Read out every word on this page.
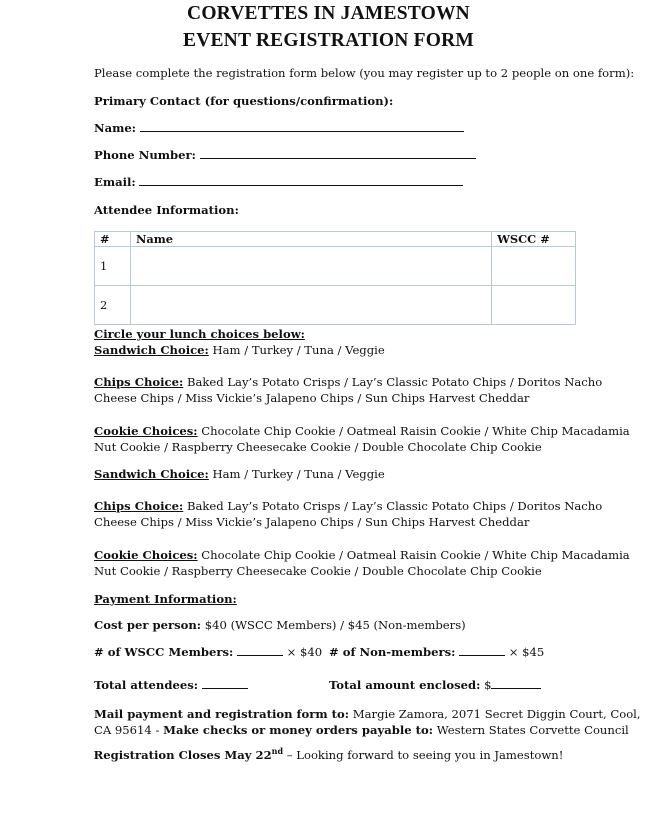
CORVETTES IN JAMESTOWN
EVENT REGISTRATION FORM
Please complete the registration form below (you may register up to 2 people on one form):
Primary Contact (for questions/confirmation):
Name:
Phone Number:
Email:
Attendee Information:
#	Name	WSCC #
1		
2		
Circle your lunch choices below:
Sandwich Choice: Ham / Turkey / Tuna / Veggie
Chips Choice: Baked Lay’s Potato Crisps / Lay’s Classic Potato Chips / Doritos Nacho
Cheese Chips / Miss Vickie’s Jalapeno Chips / Sun Chips Harvest Cheddar
Cookie Choices: Chocolate Chip Cookie / Oatmeal Raisin Cookie / White Chip Macadamia
Nut Cookie / Raspberry Cheesecake Cookie / Double Chocolate Chip Cookie
Sandwich Choice: Ham / Turkey / Tuna / Veggie
Chips Choice: Baked Lay’s Potato Crisps / Lay’s Classic Potato Chips / Doritos Nacho
Cheese Chips / Miss Vickie’s Jalapeno Chips / Sun Chips Harvest Cheddar
Cookie Choices: Chocolate Chip Cookie / Oatmeal Raisin Cookie / White Chip Macadamia
Nut Cookie / Raspberry Cheesecake Cookie / Double Chocolate Chip Cookie
Payment Information:
Cost per person: $40 (WSCC Members) / $45 (Non-members)
# of WSCC Members:	× $40 # of Non-members:	× $45
Total attendees:	Total amount enclosed: $
Mail payment and registration form to: Margie Zamora, 2071 Secret Diggin Court, Cool,
CA 95614 - Make checks or money orders payable to: Western States Corvette Council
Registration Closes May 22nd – Looking forward to seeing you in Jamestown!
